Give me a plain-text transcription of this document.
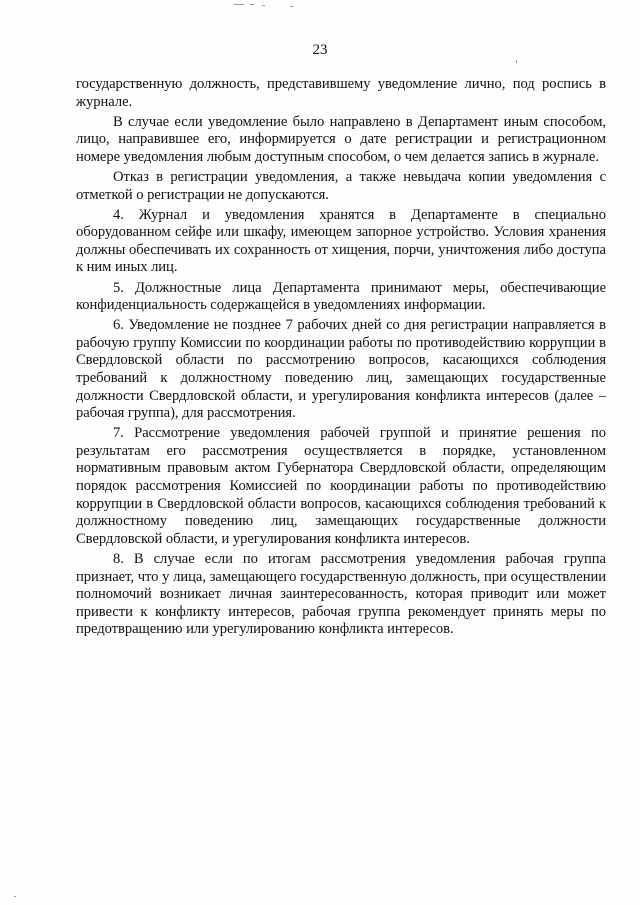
23

государственную должность, представившему уведомление лично, под роспись в журнале.

В случае если уведомление было направлено в Департамент иным способом, лицо, направившее его, информируется о дате регистрации и регистрационном номере уведомления любым доступным способом, о чем делается запись в журнале.

Отказ в регистрации уведомления, а также невыдача копии уведомления с отметкой о регистрации не допускаются.

4. Журнал и уведомления хранятся в Департаменте в специально оборудованном сейфе или шкафу, имеющем запорное устройство. Условия хранения должны обеспечивать их сохранность от хищения, порчи, уничтожения либо доступа к ним иных лиц.

5. Должностные лица Департамента принимают меры, обеспечивающие конфиденциальность содержащейся в уведомлениях информации.

6. Уведомление не позднее 7 рабочих дней со дня регистрации направляется в рабочую группу Комиссии по координации работы по противодействию коррупции в Свердловской области по рассмотрению вопросов, касающихся соблюдения требований к должностному поведению лиц, замещающих государственные должности Свердловской области, и урегулирования конфликта интересов (далее – рабочая группа), для рассмотрения.

7. Рассмотрение уведомления рабочей группой и принятие решения по результатам его рассмотрения осуществляется в порядке, установленном нормативным правовым актом Губернатора Свердловской области, определяющим порядок рассмотрения Комиссией по координации работы по противодействию коррупции в Свердловской области вопросов, касающихся соблюдения требований к должностному поведению лиц, замещающих государственные должности Свердловской области, и урегулирования конфликта интересов.

8. В случае если по итогам рассмотрения уведомления рабочая группа признает, что у лица, замещающего государственную должность, при осуществлении полномочий возникает личная заинтересованность, которая приводит или может привести к конфликту интересов, рабочая группа рекомендует принять меры по предотвращению или урегулированию конфликта интересов.
